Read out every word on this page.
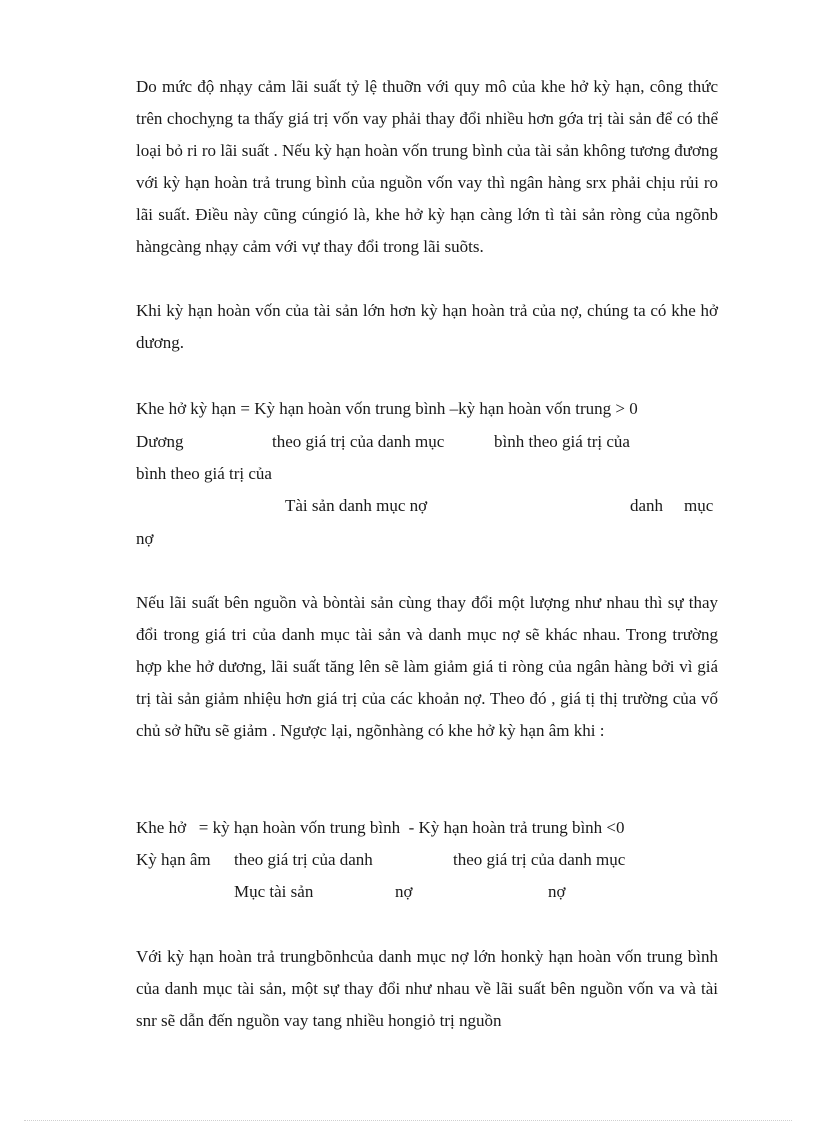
Do mức độ nhạy cảm lãi suất tỷ lệ thuỡn với quy mô của khe hở kỳ hạn, công thức trên chochỵng ta thấy giá trị vốn vay phải thay đổi nhiều hơn gớa trị tài sản để có thể loại bỏ ri ro lãi suất . Nếu kỳ hạn hoàn vốn trung bình của tài sản không tương đương với kỳ hạn hoàn trả trung bình của nguồn vốn vay thì ngân hàng srx phải chịu rủi ro lãi suất. Điều này cũng cúngió là, khe hở kỳ hạn càng lớn tì tài sản ròng của ngõnb hàngcàng nhạy cảm với vự thay đổi trong lãi suõts.

Khi kỳ hạn hoàn vốn của tài sản lớn hơn kỳ hạn hoàn trả của nợ, chúng ta có khe hở dương.

Khe hở kỳ hạn = Kỳ hạn hoàn vốn trung bình –kỳ hạn hoàn vốn trung > 0
Dương	theo giá trị của danh mục	bình theo giá trị của
bình theo giá trị của
Tài sản danh mục nợ	danh mục
nợ

Nếu lãi suất bên nguồn và bòntài sản cùng thay đổi một lượng như nhau thì sự thay đổi trong giá tri của danh mục tài sản và danh mục nợ sẽ khác nhau. Trong trường hợp khe hở dương, lãi suất tăng lên sẽ làm giảm giá ti ròng của ngân hàng bởi vì giá trị tài sản giảm nhiệu hơn giá trị của các khoản nợ. Theo đó , giá tị thị trường của vố chủ sở hữu sẽ giảm . Ngược lại, ngõnhàng có khe hở kỳ hạn âm khi :

Khe hở   = kỳ hạn hoàn vốn trung bình  - Kỳ hạn hoàn trả trung bình <0
Kỳ hạn âm theo giá trị của danh	theo giá trị của danh mục
Mục tài sản	nợ	nợ

Với kỳ hạn hoàn trả trungbõnhcủa danh mục nợ lớn honkỳ hạn hoàn vốn trung bình của danh mục tài sản, một sự thay đổi như nhau về lãi suất bên nguồn vốn va và tài snr sẽ dẫn đến nguồn vay tang nhiều hongiỏ trị nguồn
